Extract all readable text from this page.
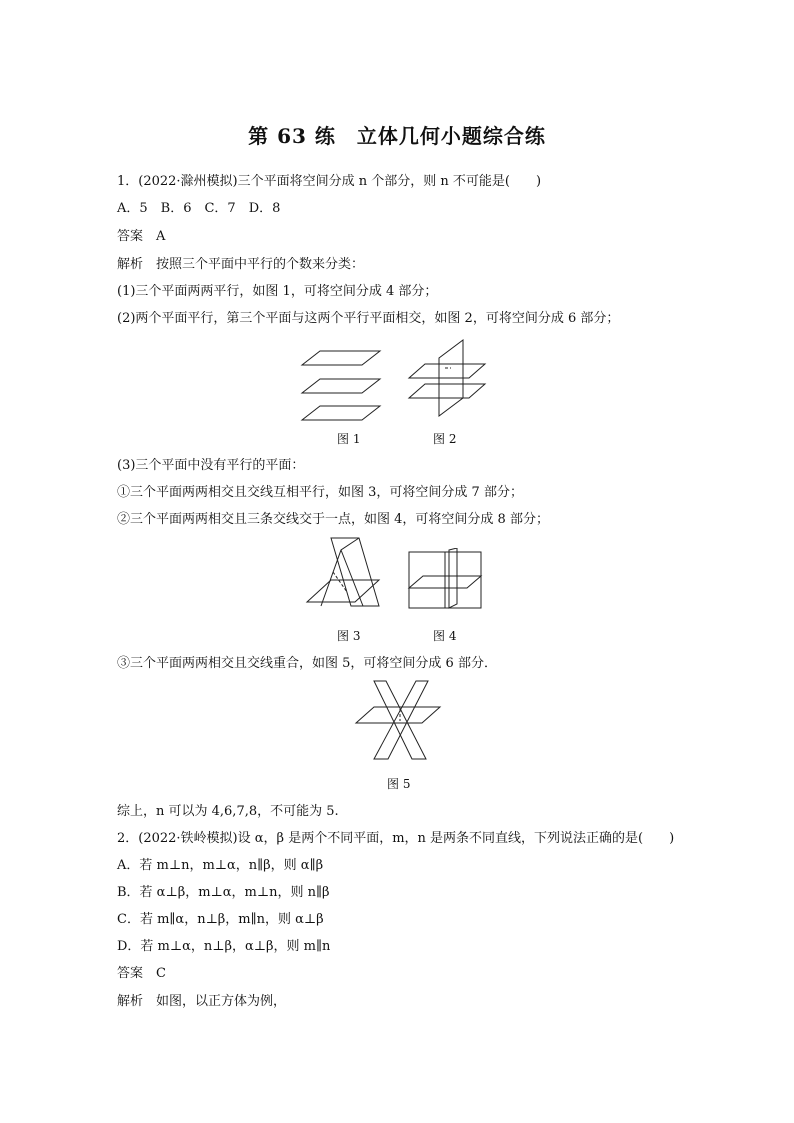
第 63 练　立体几何小题综合练
1．(2022·滁州模拟)三个平面将空间分成 n 个部分，则 n 不可能是(　　)
A．5　B．6　C．7　D．8
答案　A
解析　按照三个平面中平行的个数来分类：
(1)三个平面两两平行，如图 1，可将空间分成 4 部分；
(2)两个平面平行，第三个平面与这两个平行平面相交，如图 2，可将空间分成 6 部分；
图 1	图 2
(3)三个平面中没有平行的平面：
①三个平面两两相交且交线互相平行，如图 3，可将空间分成 7 部分；
②三个平面两两相交且三条交线交于一点，如图 4，可将空间分成 8 部分；
图 3	图 4
③三个平面两两相交且交线重合，如图 5，可将空间分成 6 部分．
图 5
综上，n 可以为 4,6,7,8，不可能为 5.
2．(2022·铁岭模拟)设 α，β 是两个不同平面，m，n 是两条不同直线，下列说法正确的是(　　)
A．若 m⊥n，m⊥α，n∥β，则 α∥β
B．若 α⊥β，m⊥α，m⊥n，则 n∥β
C．若 m∥α，n⊥β，m∥n，则 α⊥β
D．若 m⊥α，n⊥β，α⊥β，则 m∥n
答案　C
解析　如图，以正方体为例，
